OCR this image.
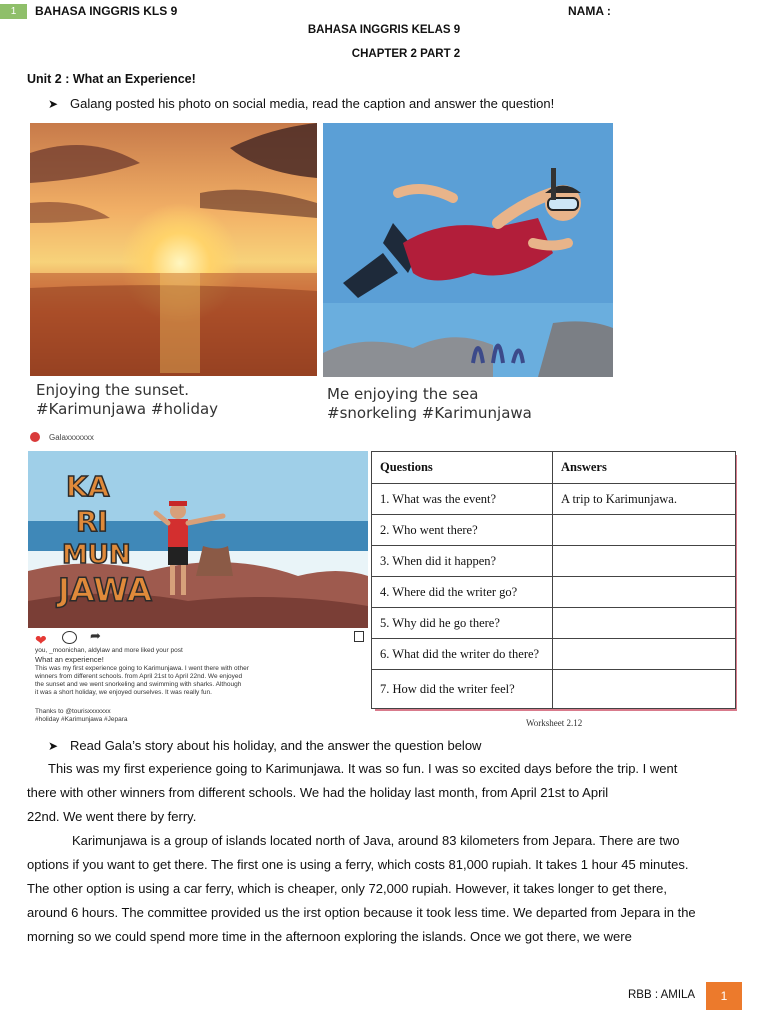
1	BAHASA INGGRIS KLS 9	NAMA :
BAHASA INGGRIS KELAS 9
CHAPTER 2 PART 2
Unit 2 : What an Experience!
➤ Galang posted his photo on social media, read the caption and answer the question!
Enjoying the sunset.
#Karimunjawa #holiday
Me enjoying the sea
#snorkeling #Karimunjawa
Galaxxxxxxx
KA
RI
MUN
JAWA
❤	➦
you, _moonichan, aldylaw and more liked your post
What an experience!
This was my first experience going to Karimunjawa. I went there with other
winners from different schools. from April 21st to April 22nd. We enjoyed
the sunset and we went snorkeling and swimming with sharks. Although
it was a short holiday, we enjoyed ourselves. It was really fun.
Thanks to @tourisxxxxxxx
#holiday #Karimunjawa #Jepara
Questions	Answers
1. What was the event?	A trip to Karimunjawa.
2. Who went there?	
3. When did it happen?	
4. Where did the writer go?	
5. Why did he go there?	
6. What did the writer do there?	
7. How did the writer feel?	
Worksheet 2.12
➤ Read Gala’s story about his holiday, and the answer the question below
This was my first experience going to Karimunjawa. It was so fun. I was so excited days before the trip. I went
there with other winners from different schools. We had the holiday last month, from April 21st to April
22nd. We went there by ferry.
Karimunjawa is a group of islands located north of Java, around 83 kilometers from Jepara. There are two
options if you want to get there. The first one is using a ferry, which costs 81,000 rupiah. It takes 1 hour 45 minutes.
The other option is using a car ferry, which is cheaper, only 72,000 rupiah. However, it takes longer to get there,
around 6 hours. The committee provided us the irst option because it took less time. We departed from Jepara in the
morning so we could spend more time in the afternoon exploring the islands. Once we got there, we were
RBB : AMILA	1
